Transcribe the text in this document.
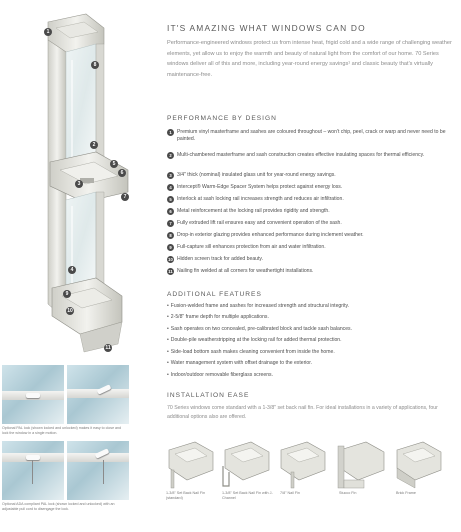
1
8
2
5
6
7
3
4
9
10
11
Optional PAL lock (shown locked and unlocked) makes it easy to close and lock the window in a single motion.
Optional ADA compliant PAL lock (shown locked and unlocked) with an adjustable pull cord to disengage the lock.
IT'S AMAZING WHAT WINDOWS CAN DO
Performance-engineered windows protect us from intense heat, frigid cold and a wide range of challenging weather elements, yet allow us to enjoy the warmth and beauty of natural light from the comfort of our home. 70 Series windows deliver all of this and more, including year-round energy savings¹ and classic beauty that's virtually maintenance-free.
PERFORMANCE BY DESIGN
1	Premium vinyl masterframe and sashes are coloured throughout – won't chip, peel, crack or warp and never need to be painted.
2	Multi-chambered masterframe and sash construction creates effective insulating spaces for thermal efficiency.
3	3/4" thick (nominal) insulated glass unit for year-round energy savings.
4	Intercept® Warm-Edge Spacer System helps protect against energy loss.
5	Interlock at sash locking rail increases strength and reduces air infiltration.
6	Metal reinforcement at the locking rail provides rigidity and strength.
7	Fully extruded lift rail ensures easy and convenient operation of the sash.
8	Drop-in exterior glazing provides enhanced performance during inclement weather.
9	Full-capture sill enhances protection from air and water infiltration.
10 Hidden screen track for added beauty.
11 Nailing fin welded at all corners for weathertight installations.
ADDITIONAL FEATURES
• Fusion-welded frame and sashes for increased strength and structural integrity.
• 2-5/8" frame depth for multiple applications.
• Sash operates on two concealed, pre-calibrated block and tackle sash balances.
• Double-pile weatherstripping at the locking rail for added thermal protection.
• Side-load bottom sash makes cleaning convenient from inside the home.
• Water management system with offset drainage to the exterior.
• Indoor/outdoor removable fiberglass screens.
INSTALLATION EASE
70 Series windows come standard with a 1-3/8" set back nail fin. For ideal installations in a variety of applications, four additional options also are offered.
1-3/8" Set Back Nail Fin (standard)
1-3/8" Set Back Nail Fin with J-Channel
7/8" Nail Fin	Stucco Fin	Brick Frame
